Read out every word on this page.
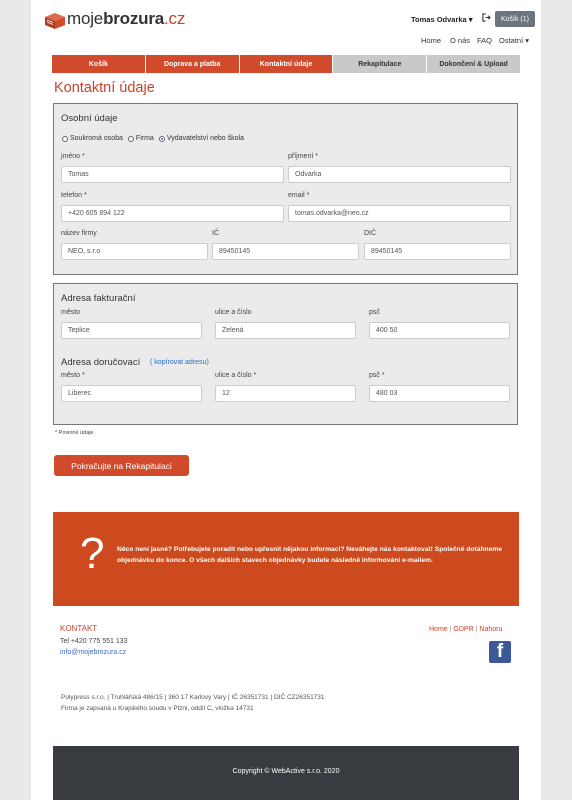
mojebrozura.cz	Tomas Odvarka ▾	Košík (1)
Home O nás FAQ Ostatní ▾
Košík	Doprava a platba	Kontaktní údaje	Rekapitulace	Dokončení & Upload
Kontaktní údaje
Osobní údaje
Soukromá osoba Firma Vydavatelství nebo škola
jméno *
Tomas
příjmení *
Odvarka
telefon *
+420 605 894 122
email *
tomas.odvarka@neo.cz
název firmy
NEO, s.r.o
IČ
89450145
DIČ
89450145
Adresa fakturační
město
Teplice
ulice a číslo
Zelená
psč
400 50
Adresa doručovací ( kopírovat adresu)
město *
Liberec
ulice a číslo *
12
psč *
480 03
* Povinné údaje
Pokračujte na Rekapitulaci
? Něco není jasné? Potřebujete poradit nebo upřesnit nějakou informaci? Neváhejte nás kontaktovat! Společně dotáhneme objednávku do konce. O všech dalších stavech objednávky budete následně informováni e-mailem.
KONTAKT
Tel +420 775 551 133
info@mojebrozura.cz
Home | GDPR | Nahoru
f
Polypress s.r.o. | Truhlářská 486/15 | 360 17 Karlovy Vary | IČ 26351731 | DIČ CZ26351731
Firma je zapsaná u Krajského soudu v Plzni, oddíl C, vložka 14731
Copyright © WebActive s.r.o. 2020
